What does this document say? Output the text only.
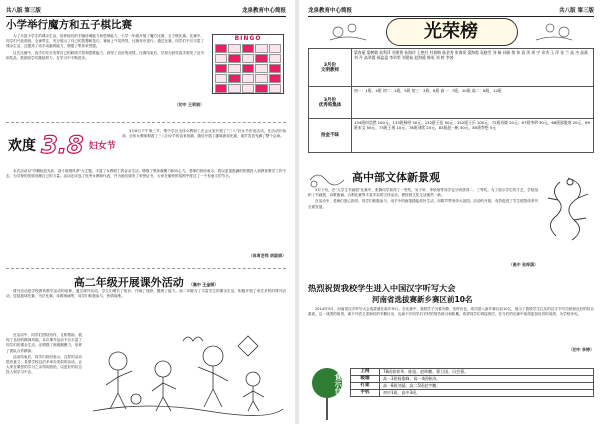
共八版 第三版	龙泉教育中心简报
小学举行魔方和五子棋比赛

为了丰富小学生的课余生活，培养他们的手脑协调能力和思维能力，小学一年级开展了魔方比赛、五子棋比赛。比赛中，同学们兴致勃勃，全神贯注，充分展示了自己的智慧和技巧，赛场上气氛热烈，比赛有序进行。通过比赛，同学们不仅丰富了课余生活，还提高了动手动脑的能力，增强了集体荣誉感。

这次比赛中，选手们充分发挥自己的聪明才智和思维能力，获得了良好的成绩。比赛结束后，学校为获奖选手颁发了证书和奖品，鼓励同学们继续努力，在学习中不断进步。

（初中 王莉娟）
BINGO
欢度 3.8 妇女节

3月8日下午第三节，集中学区全体女教职工在会议室开展了"三八"妇女节庆祝活动。在活动开始前，全体女教师观看了三八妇女节的由来视频，随后开展了趣味游戏比赛，欢声笑语充满了整个会场。

本次活动以"巾帼绽放光彩，奋斗展现风采"为主题，丰富了女教职工的业余生活，增强了集体凝聚力和向心力。老师们纷纷表示，将以更加饱满的热情投入到教育教学工作中去，为学校的发展贡献自己的力量。活动还评选了优秀女教师代表，并为她们颁发了荣誉证书，大家在愉快的氛围中度过了一个有意义的节日。

（体育老师 胡淑娟）
高二年级开展课外活动 （高中 王金丽）

课外活动是学校教育教学活动的延伸，通过课外活动，学生们增长了知识，开阔了视野，锻炼了能力。高二年级为了丰富学生的课余生活，积极开展了形式多样的课外活动，包括篮球比赛、书法比赛、诗歌朗诵等，同学们积极参与，热情高涨。

在活动中，同学们团结协作，互相帮助，展现了良好的精神风貌。本次课外活动不仅丰富了同学们的课余生活，还增强了班级凝聚力，培养了团队合作精神。

活动结束后，同学们纷纷表示，这样的活动很有意义，希望学校以后多举办类似的活动，让大家在紧张的学习之余得到放松，以更好的状态投入到学习中去。

龙泉教育中心简报	共八版 第三版
光荣榜
3月份
文明教师	梁春丽 梁树敏 侯利萍 刘建香 孙海玲 王艳红 杜春梅 陈金秀 张海英 梁海霞 袁晓雪 刘 畅 孙敏 黎 伟 聂 萍 周 宇 邓秀 王 萍 张 兰 高 杰 高燕 刘 丹 高翠霞 郝盈盈 李翠荣 刘建茹 赵海媛 韩英 刘 婷 李茜
3月份
优秀班集体	初一：1班、4班 初二：2班、5班 初三：3班、6班 高一：7班、10班 高二：8班、12班
拾金不昧	134班何浩然 100元、133班杨明 50元、132班王佳 50元、142班王乐 100元、72班苏晓 20元、67班李明 30元、68班邵俊豪 20元、69班宋文 50元、75班王瑶 10元、78班刘欣 20元、83班赵一帆 50元、85班李想 5元
高中部文体新景观

3月下旬，在"大学生书画展"比赛中，张静同学获得了一等奖，吴子轩、李欣怡等同学也分别获得二、三等奖。为了展示学生的才艺，学校组织了书画展、诗歌朗诵、合唱比赛等丰富多彩的文体活动，使校园文化生活焕然一新。

在活动中，老师们悉心指导，同学们积极参与，用手中的画笔描绘美好生活，用歌声赞美伟大祖国。活动的开展，有效促进了学生德智体美劳全面发展。

（高中 张梓涵）
热烈祝贺我校学生进入中国汉字听写大会
河南省选拔赛新乡赛区前10名

2014年3月，河南省汉字听写大会选拔赛在新乡举行。在比赛中，我校学子沉着冷静，发挥出色，成功进入新乡赛区前10名，展示了我校学生扎实的汉字书写功底和良好的综合素质。这一成绩的取得，离不开语文老师们的辛勤付出，也离不开同学们平时的刻苦练习和积累。希望同学们再接再厉，在今后的比赛中取得更加优异的成绩，为学校争光。

（初中 李婷）
食示台
上网	78班郭豪华、陈旭、赵坤鹏、曹卫国、冯会强。
吸烟	高一3班杨俊峰、高一4班韩涛。
打架	高一8班刘磊、高二5班赵宇鹏。
手机	初中1班、高中3班。
